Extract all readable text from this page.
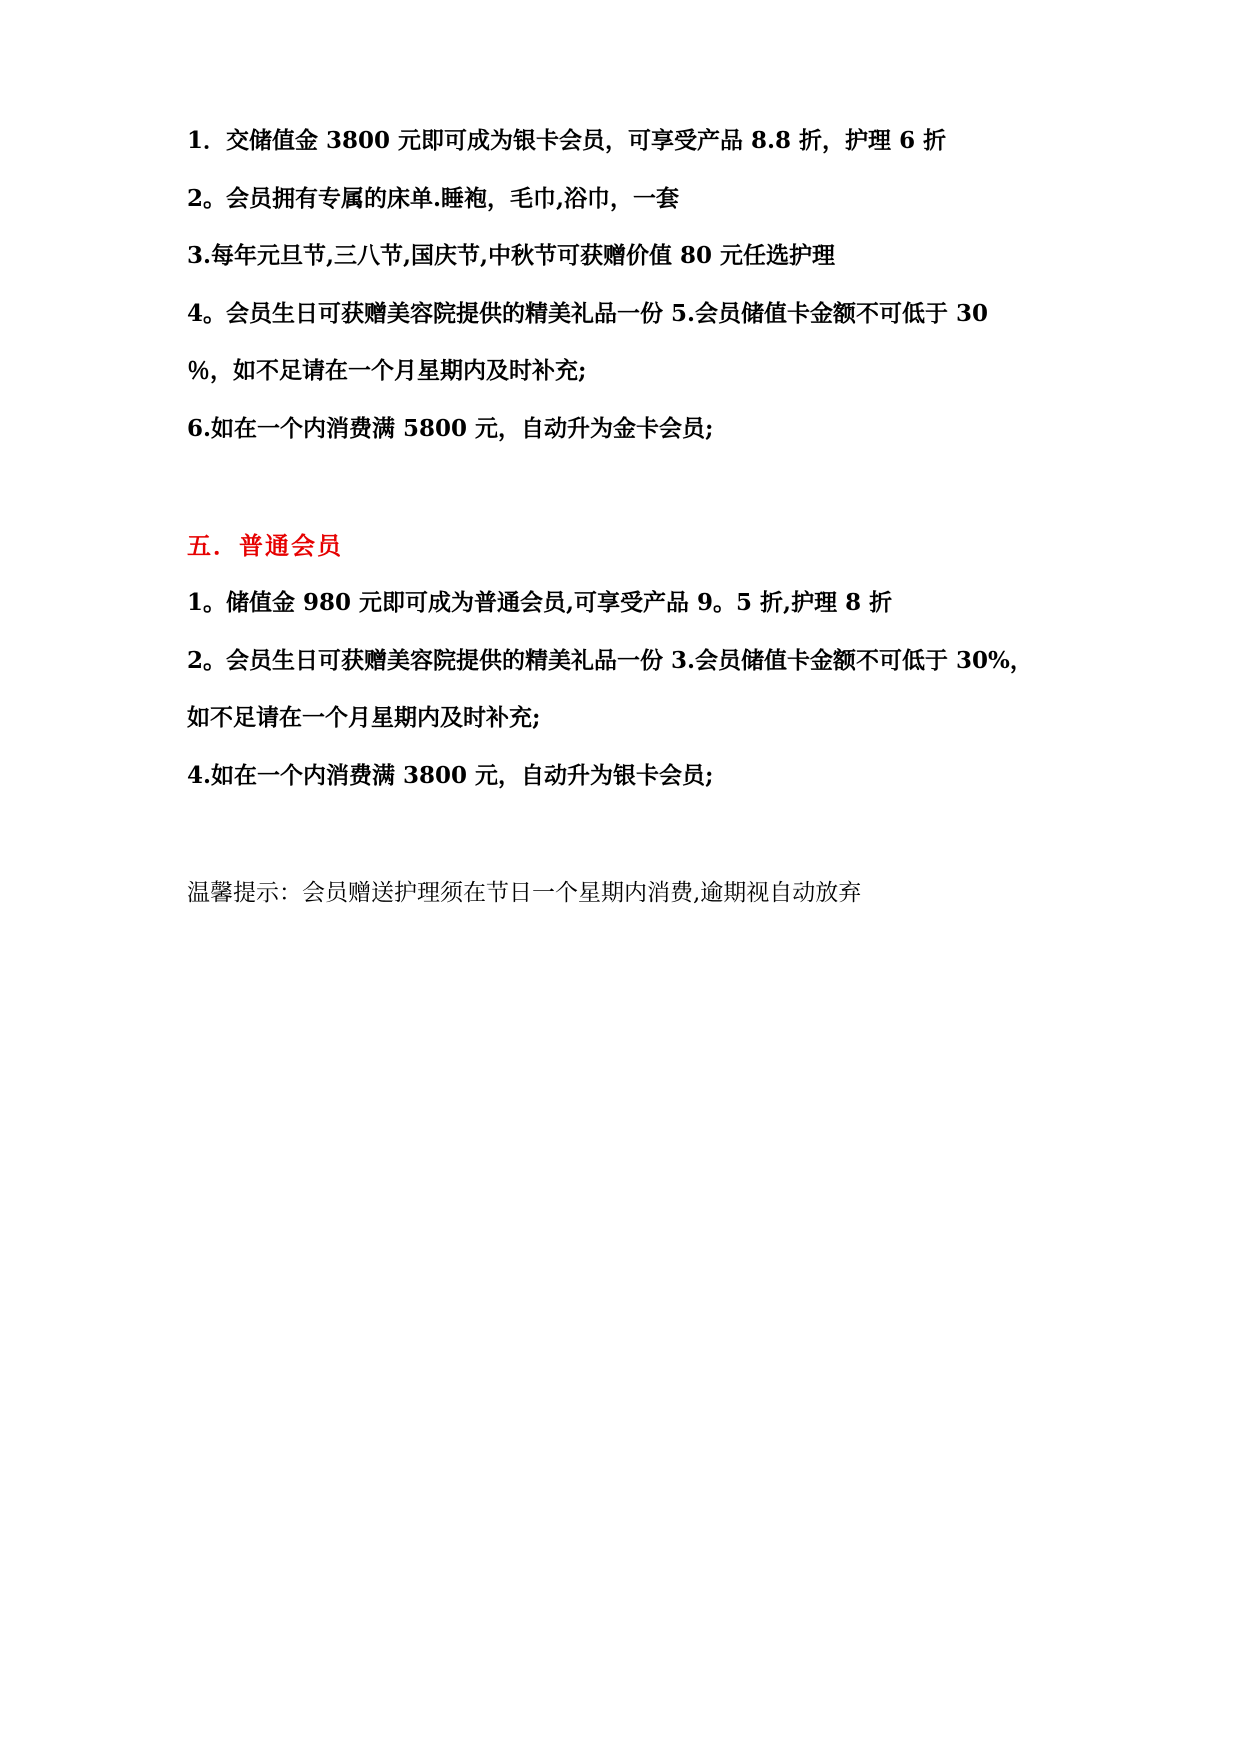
1．交储值金 3800 元即可成为银卡会员，可享受产品 8.8 折，护理 6 折
2。会员拥有专属的床单.睡袍，毛巾,浴巾，一套
3.每年元旦节,三八节,国庆节,中秋节可获赠价值 80 元任选护理
4。会员生日可获赠美容院提供的精美礼品一份 5.会员储值卡金额不可低于 30
％，如不足请在一个月星期内及时补充;
6.如在一个内消费满 5800 元，自动升为金卡会员;
五．普通会员
1。储值金 980 元即可成为普通会员,可享受产品 9。5 折,护理 8 折
2。会员生日可获赠美容院提供的精美礼品一份 3.会员储值卡金额不可低于 30%，
如不足请在一个月星期内及时补充;
4.如在一个内消费满 3800 元，自动升为银卡会员;
温馨提示：会员赠送护理须在节日一个星期内消费,逾期视自动放弃
